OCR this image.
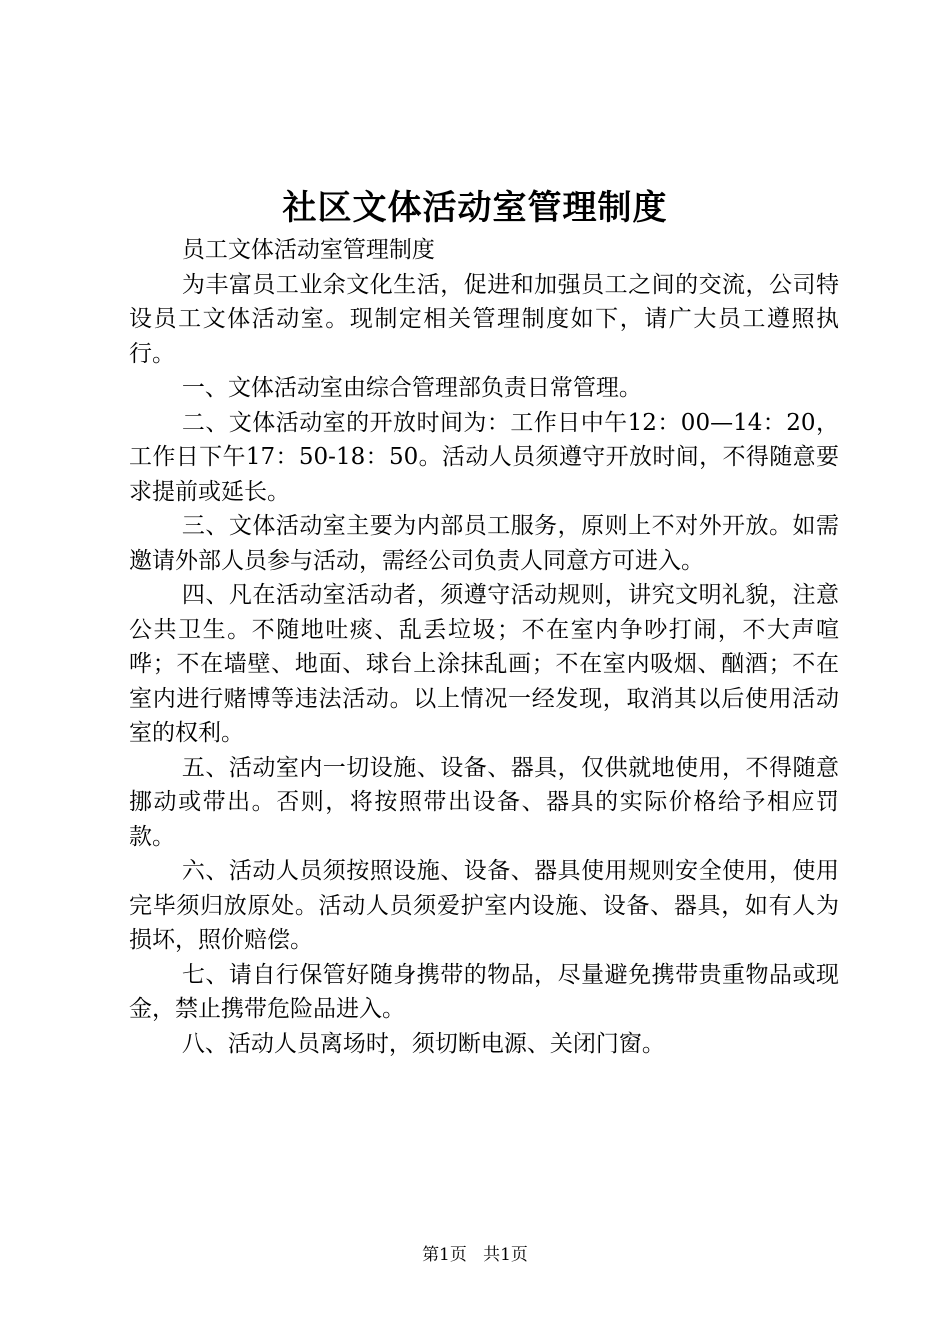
社区文体活动室管理制度

员工文体活动室管理制度

为丰富员工业余文化生活，促进和加强员工之间的交流，公司特设员工文体活动室。现制定相关管理制度如下，请广大员工遵照执行。

一、文体活动室由综合管理部负责日常管理。

二、文体活动室的开放时间为：工作日中午12：00—14：20，工作日下午17：50-18：50。活动人员须遵守开放时间，不得随意要求提前或延长。

三、文体活动室主要为内部员工服务，原则上不对外开放。如需邀请外部人员参与活动，需经公司负责人同意方可进入。

四、凡在活动室活动者，须遵守活动规则，讲究文明礼貌，注意公共卫生。不随地吐痰、乱丢垃圾；不在室内争吵打闹，不大声喧哗；不在墙壁、地面、球台上涂抹乱画；不在室内吸烟、酗酒；不在室内进行赌博等违法活动。以上情况一经发现，取消其以后使用活动室的权利。

五、活动室内一切设施、设备、器具，仅供就地使用，不得随意挪动或带出。否则，将按照带出设备、器具的实际价格给予相应罚款。

六、活动人员须按照设施、设备、器具使用规则安全使用，使用完毕须归放原处。活动人员须爱护室内设施、设备、器具，如有人为损坏，照价赔偿。

七、请自行保管好随身携带的物品，尽量避免携带贵重物品或现金，禁止携带危险品进入。

八、活动人员离场时，须切断电源、关闭门窗。

第1页 共1页
